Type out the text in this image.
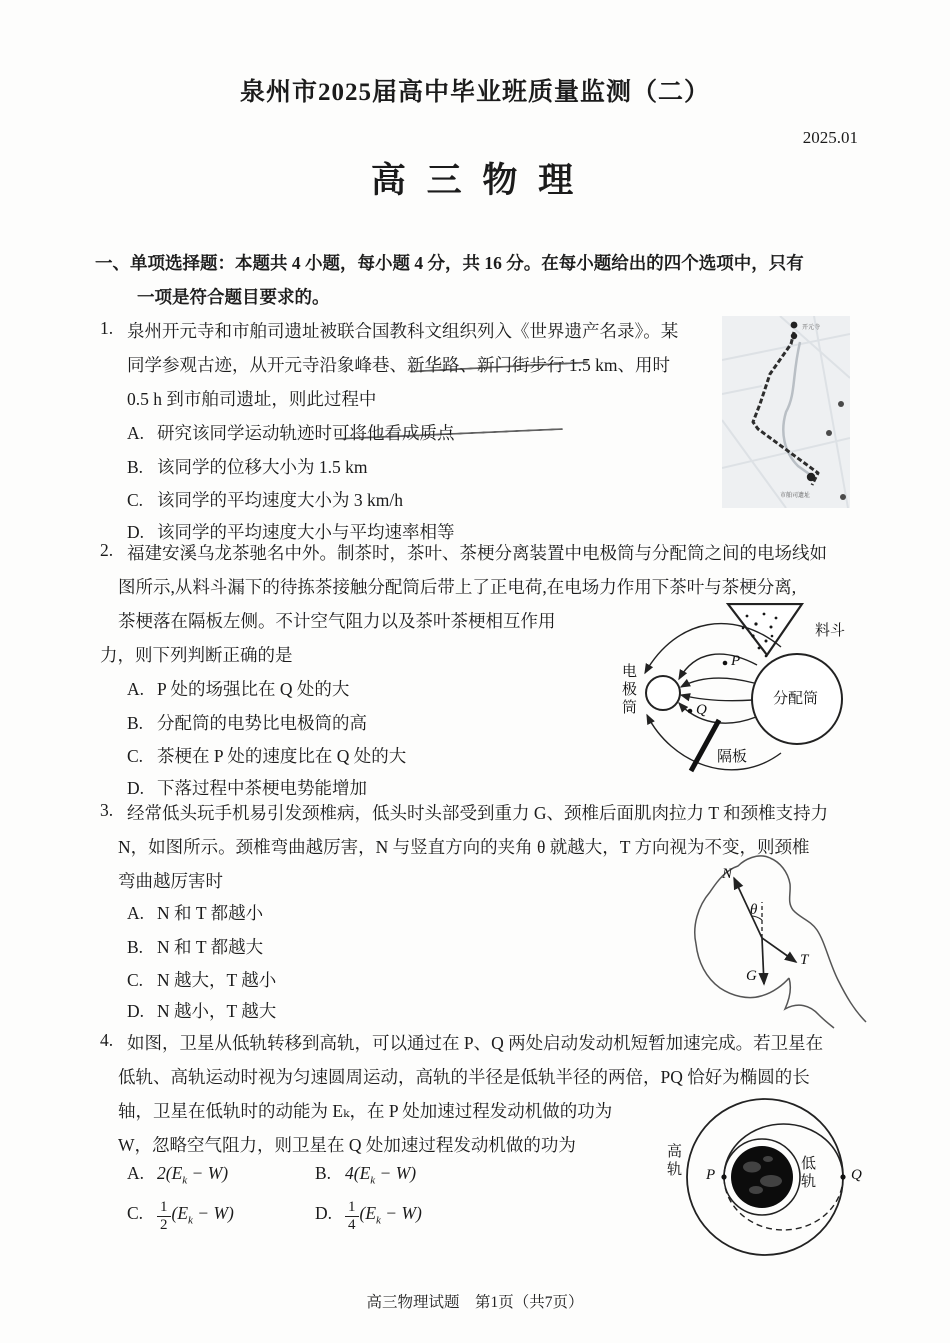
泉州市2025届高中毕业班质量监测（二）
2025.01
高 三 物 理
一、单项选择题：本题共 4 小题，每小题 4 分，共 16 分。在每小题给出的四个选项中，只有
一项是符合题目要求的。
1. 泉州开元寺和市舶司遗址被联合国教科文组织列入《世界遗产名录》。某
同学参观古迹，从开元寺沿象峰巷、新华路、新门街步行 1.5 km、用时
0.5 h 到市舶司遗址，则此过程中
A. 研究该同学运动轨迹时可将他看成质点
B. 该同学的位移大小为 1.5 km
C. 该同学的平均速度大小为 3 km/h
D. 该同学的平均速度大小与平均速率相等
开元寺
市舶司遗址
2. 福建安溪乌龙茶驰名中外。制茶时，茶叶、茶梗分离装置中电极筒与分配筒之间的电场线如
图所示,从料斗漏下的待拣茶接触分配筒后带上了正电荷,在电场力作用下茶叶与茶梗分离,
茶梗落在隔板左侧。不计空气阻力以及茶叶茶梗相互作用
力，则下列判断正确的是
A. P 处的场强比在 Q 处的大
B. 分配筒的电势比电极筒的高
C. 茶梗在 P 处的速度比在 Q 处的大
D. 下落过程中茶梗电势能增加
P
Q
料斗
分配筒
电极筒
隔板
3. 经常低头玩手机易引发颈椎病，低头时头部受到重力 G、颈椎后面肌肉拉力 T 和颈椎支持力
N，如图所示。颈椎弯曲越厉害，N 与竖直方向的夹角 θ 就越大，T 方向视为不变，则颈椎
弯曲越厉害时
A. N 和 T 都越小
B. N 和 T 都越大
C. N 越大，T 越小
D. N 越小，T 越大
N
θ
T
G
4. 如图，卫星从低轨转移到高轨，可以通过在 P、Q 两处启动发动机短暂加速完成。若卫星在
低轨、高轨运动时视为匀速圆周运动，高轨的半径是低轨半径的两倍，PQ 恰好为椭圆的长
轴，卫星在低轨时的动能为 Eₖ，在 P 处加速过程发动机做的功为
W，忽略空气阻力，则卫星在 Q 处加速过程发动机做的功为
A. $2(E_k - W)$	B. $4(E_k - W)$
C. $\frac{1}{2} (E_k - W)$	D. $\frac{1}{4} (E_k - W)$
高轨	低轨
P	Q
高三物理试题　第1页（共7页）
